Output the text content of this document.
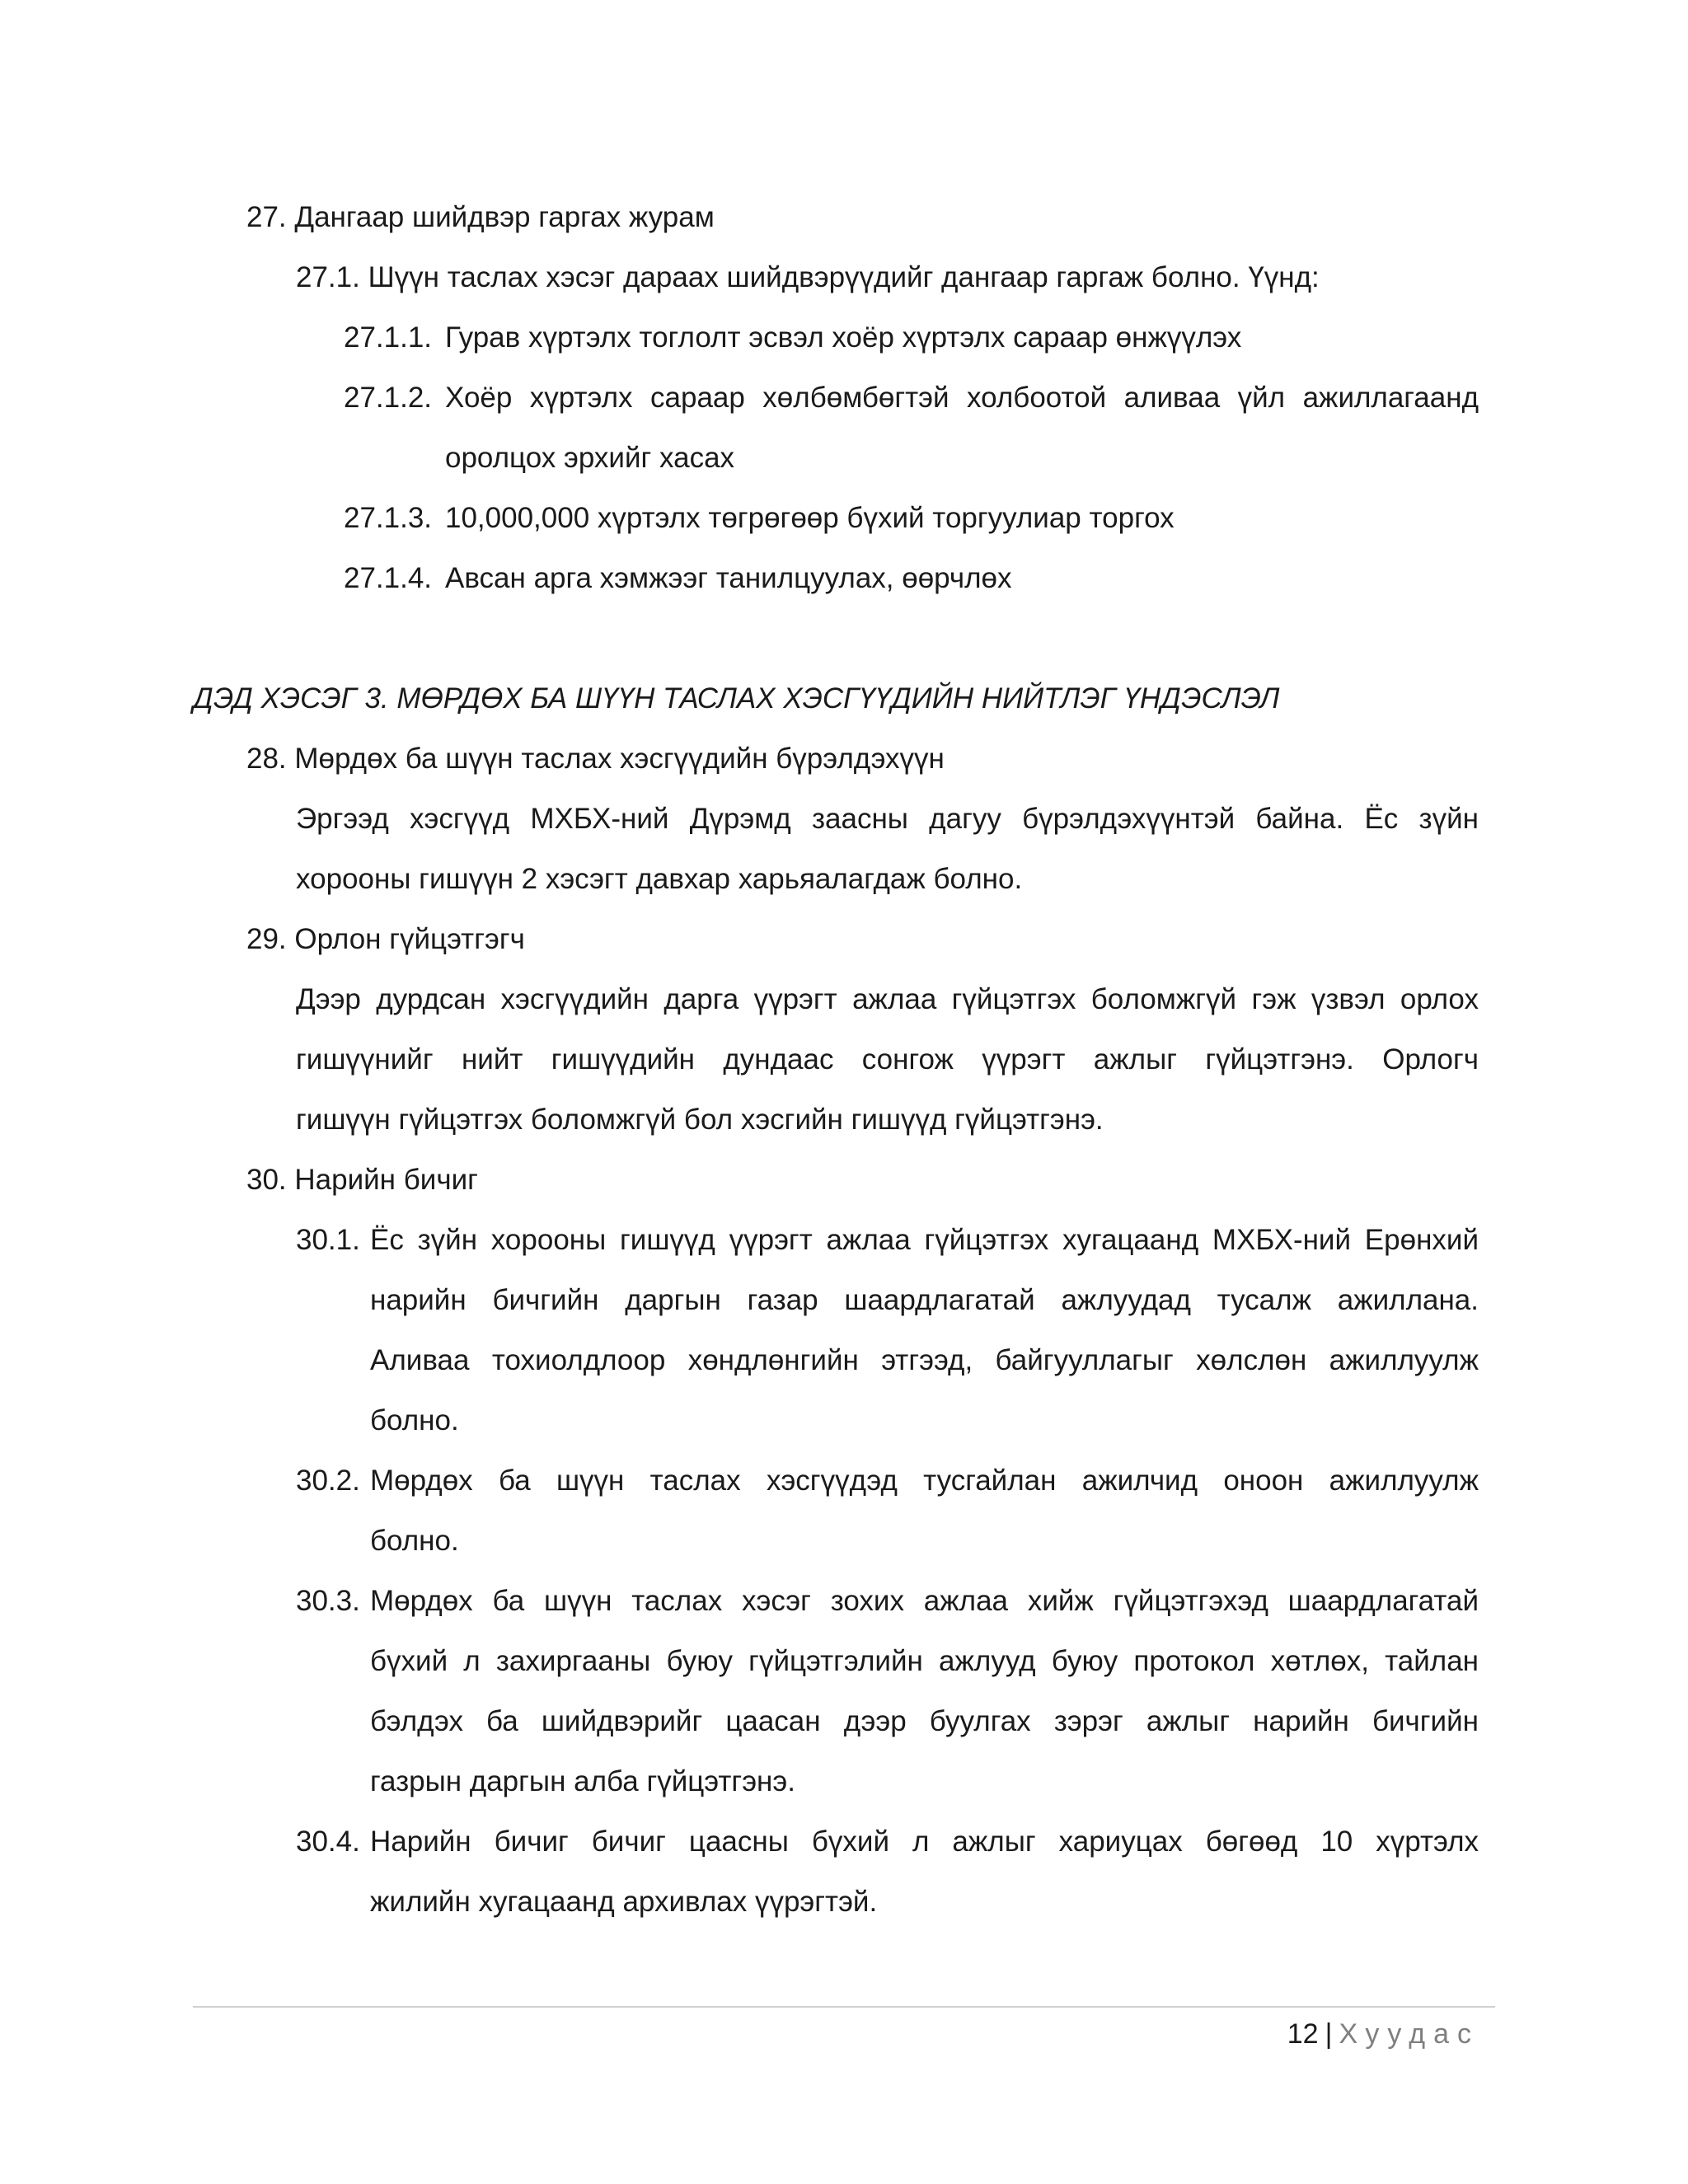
27. Дангаар шийдвэр гаргах журам
27.1. Шүүн таслах хэсэг дараах шийдвэрүүдийг дангаар гаргаж болно. Үүнд:
27.1.1. Гурав хүртэлх тоглолт эсвэл хоёр хүртэлх сараар өнжүүлэх
27.1.2. Хоёр хүртэлх сараар хөлбөмбөгтэй холбоотой аливаа үйл ажиллагаанд
оролцох эрхийг хасах
27.1.3. 10,000,000 хүртэлх төгрөгөөр бүхий торгуулиар торгох
27.1.4. Авсан арга хэмжээг танилцуулах, өөрчлөх
ДЭД ХЭСЭГ 3. МӨРДӨХ БА ШҮҮН ТАСЛАХ ХЭСГҮҮДИЙН НИЙТЛЭГ ҮНДЭСЛЭЛ
28. Мөрдөх ба шүүн таслах хэсгүүдийн бүрэлдэхүүн
Эргээд хэсгүүд МХБХ-ний Дүрэмд заасны дагуу бүрэлдэхүүнтэй байна. Ёс зүйн
хорооны гишүүн 2 хэсэгт давхар харьяалагдаж болно.
29. Орлон гүйцэтгэгч
Дээр дурдсан хэсгүүдийн дарга үүрэгт ажлаа гүйцэтгэх боломжгүй гэж үзвэл орлох
гишүүнийг нийт гишүүдийн дундаас сонгож үүрэгт ажлыг гүйцэтгэнэ. Орлогч
гишүүн гүйцэтгэх боломжгүй бол хэсгийн гишүүд гүйцэтгэнэ.
30. Нарийн бичиг
30.1. Ёс зүйн хорооны гишүүд үүрэгт ажлаа гүйцэтгэх хугацаанд МХБХ-ний Ерөнхий
нарийн бичгийн даргын газар шаардлагатай ажлуудад тусалж ажиллана.
Аливаа тохиолдлоор хөндлөнгийн этгээд, байгууллагыг хөлслөн ажиллуулж
болно.
30.2. Мөрдөх ба шүүн таслах хэсгүүдэд тусгайлан ажилчид оноон ажиллуулж
болно.
30.3. Мөрдөх ба шүүн таслах хэсэг зохих ажлаа хийж гүйцэтгэхэд шаардлагатай
бүхий л захиргааны буюу гүйцэтгэлийн ажлууд буюу протокол хөтлөх, тайлан
бэлдэх ба шийдвэрийг цаасан дээр буулгах зэрэг ажлыг нарийн бичгийн
газрын даргын алба гүйцэтгэнэ.
30.4. Нарийн бичиг бичиг цаасны бүхий л ажлыг хариуцах бөгөөд 10 хүртэлх
жилийн хугацаанд архивлах үүрэгтэй.
12 | Хуудас
